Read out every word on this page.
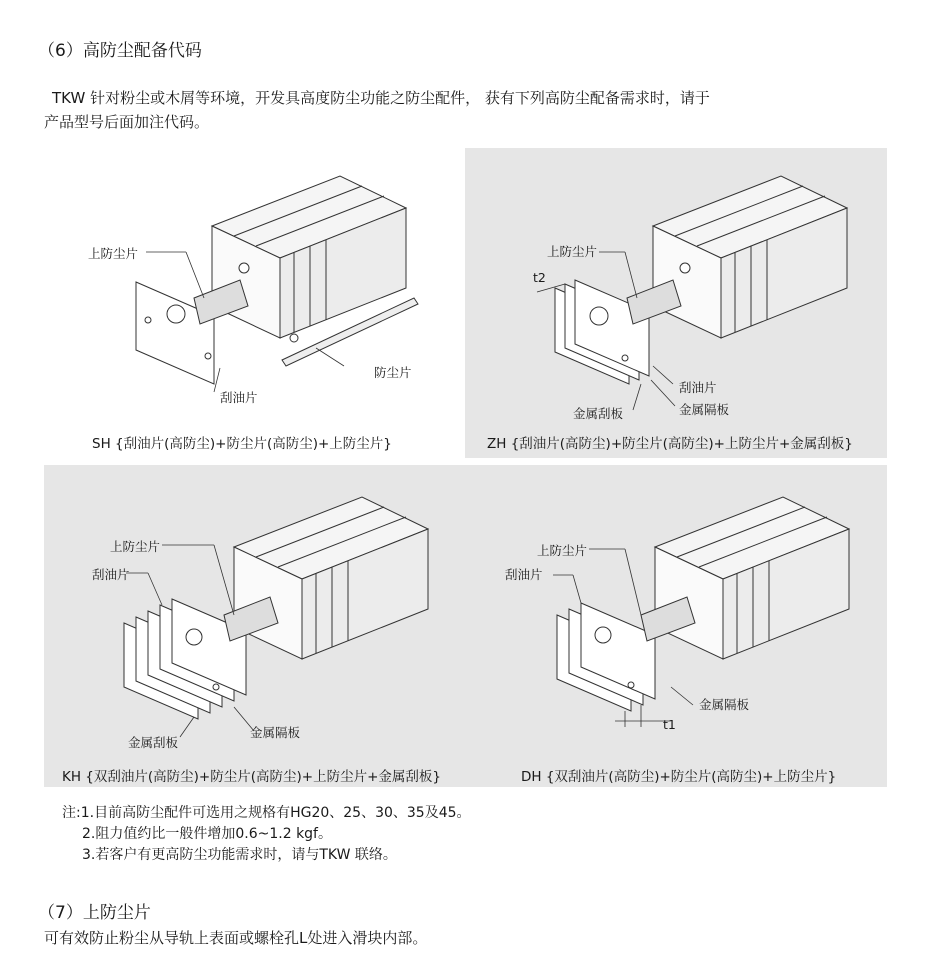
（6）高防尘配备代码
TKW 针对粉尘或木屑等环境，开发具高度防尘功能之防尘配件， 获有下列高防尘配备需求时，请于
产品型号后面加注代码。
上防尘片
防尘片
刮油片
SH {刮油片(高防尘)+防尘片(高防尘)+上防尘片}
上防尘片
t2
刮油片
金属刮板	金属隔板
ZH {刮油片(高防尘)+防尘片(高防尘)+上防尘片+金属刮板}
上防尘片
刮油片
金属隔板
金属刮板
KH {双刮油片(高防尘)+防尘片(高防尘)+上防尘片+金属刮板}
上防尘片
刮油片
金属隔板
t1
DH {双刮油片(高防尘)+防尘片(高防尘)+上防尘片}
注:1.目前高防尘配件可选用之规格有HG20、25、30、35及45。
2.阻力值约比一般件增加0.6~1.2 kgf。
3.若客户有更高防尘功能需求时，请与TKW 联络。
（7）上防尘片
可有效防止粉尘从导轨上表面或螺栓孔L处进入滑块内部。
